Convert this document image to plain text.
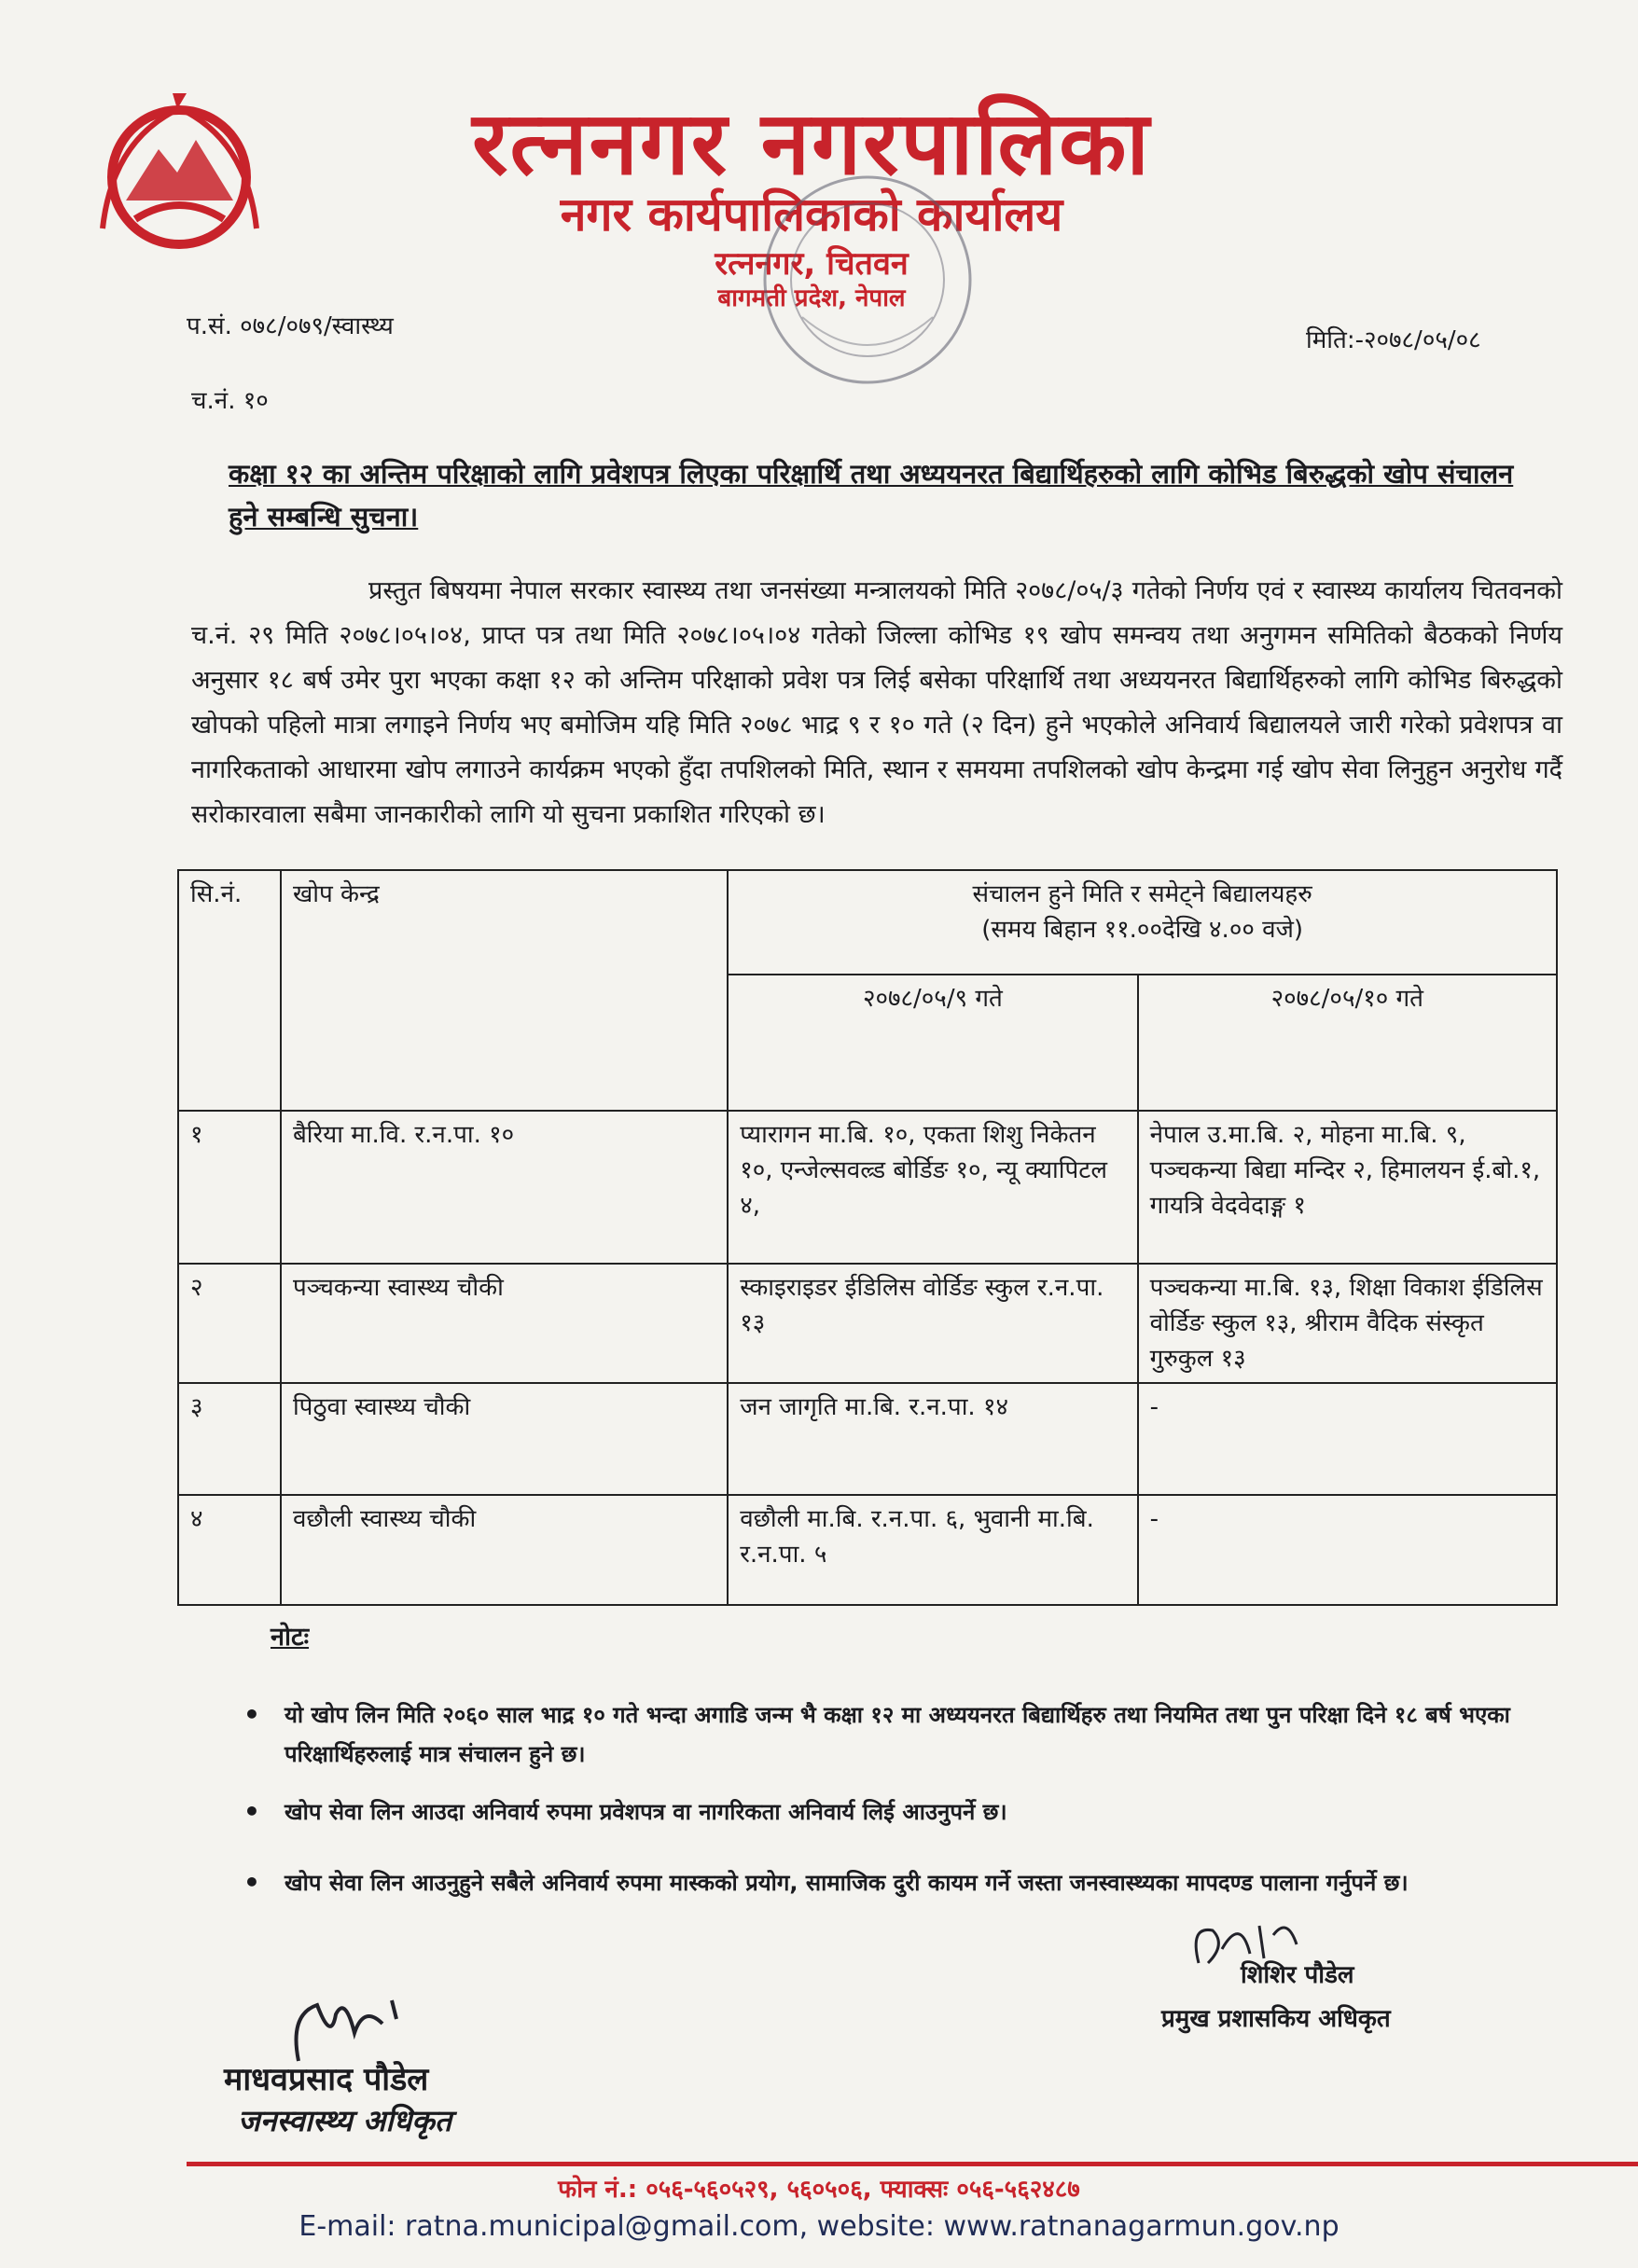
रत्ननगर नगरपालिका
नगर कार्यपालिकाको कार्यालय
रत्ननगर, चितवन
बागमती प्रदेश, नेपाल
प.सं. ०७८/०७९/स्वास्थ्य
च.नं. १०
मिति:-२०७८/०५/०८
कक्षा १२ का अन्तिम परिक्षाको लागि प्रवेशपत्र लिएका परिक्षार्थि तथा अध्ययनरत बिद्यार्थिहरुको लागि कोभिड बिरुद्धको खोप संचालन हुने सम्बन्धि सुचना।

प्रस्तुत बिषयमा नेपाल सरकार स्वास्थ्य तथा जनसंख्या मन्त्रालयको मिति २०७८/०५/३ गतेको निर्णय एवं र स्वास्थ्य कार्यालय चितवनको च.नं. २९ मिति २०७८।०५।०४, प्राप्त पत्र तथा मिति २०७८।०५।०४ गतेको जिल्ला कोभिड १९ खोप समन्वय तथा अनुगमन समितिको बैठकको निर्णय अनुसार १८ बर्ष उमेर पुरा भएका कक्षा १२ को अन्तिम परिक्षाको प्रवेश पत्र लिई बसेका परिक्षार्थि तथा अध्ययनरत बिद्यार्थिहरुको लागि कोभिड बिरुद्धको खोपको पहिलो मात्रा लगाइने निर्णय भए बमोजिम यहि मिति २०७८ भाद्र ९ र १० गते (२ दिन) हुने भएकोले अनिवार्य बिद्यालयले जारी गरेको प्रवेशपत्र वा नागरिकताको आधारमा खोप लगाउने कार्यक्रम भएको हुँदा तपशिलको मिति, स्थान र समयमा तपशिलको खोप केन्द्रमा गई खोप सेवा लिनुहुन अनुरोध गर्दै सरोकारवाला सबैमा जानकारीको लागि यो सुचना प्रकाशित गरिएको छ।

सि.नं.	खोप केन्द्र	संचालन हुने मिति र समेट्ने बिद्यालयहरु
(समय बिहान ११.००देखि ४.०० वजे)	

		२०७८/०५/९ गते	२०७८/०५/१० गते
१	बैरिया मा.वि. र.न.पा. १०	प्यारागन मा.बि. १०, एकता शिशु निकेतन १०, एन्जेल्सवल्र्ड बोर्डिङ १०, न्यू क्यापिटल ४,	नेपाल उ.मा.बि. २, मोहना मा.बि. ९, पञ्चकन्या बिद्या मन्दिर २, हिमालयन ई.बो.१, गायत्रि वेदवेदाङ्ग १
२	पञ्चकन्या स्वास्थ्य चौकी	स्काइराइडर ईडिलिस वोर्डिङ स्कुल र.न.पा. १३	पञ्चकन्या मा.बि. १३, शिक्षा विकाश ईडिलिस वोर्डिङ स्कुल १३, श्रीराम वैदिक संस्कृत गुरुकुल १३
३	पिठुवा स्वास्थ्य चौकी	जन जागृति मा.बि. र.न.पा. १४	-
४	वछौली स्वास्थ्य चौकी	वछौली मा.बि. र.न.पा. ६, भुवानी मा.बि. र.न.पा. ५	-
नोटः
• यो खोप लिन मिति २०६० साल भाद्र १० गते भन्दा अगाडि जन्म भै कक्षा १२ मा अध्ययनरत बिद्यार्थिहरु तथा नियमित तथा पुन परिक्षा दिने १८ बर्ष भएका परिक्षार्थिहरुलाई मात्र संचालन हुने छ।
• खोप सेवा लिन आउदा अनिवार्य रुपमा प्रवेशपत्र वा नागरिकता अनिवार्य लिई आउनुपर्ने छ।
• खोप सेवा लिन आउनुहुने सबैले अनिवार्य रुपमा मास्कको प्रयोग, सामाजिक दुरी कायम गर्ने जस्ता जनस्वास्थ्यका मापदण्ड पालाना गर्नुपर्ने छ।
शिशिर पौडेल
प्रमुख प्रशासकिय अधिकृत
माधवप्रसाद पौडेल
जनस्वास्थ्य अधिकृत
फोन नं.: ०५६-५६०५२९, ५६०५०६, फ्याक्सः ०५६-५६२४८७
E-mail: ratna.municipal@gmail.com, website: www.ratnanagarmun.gov.np
